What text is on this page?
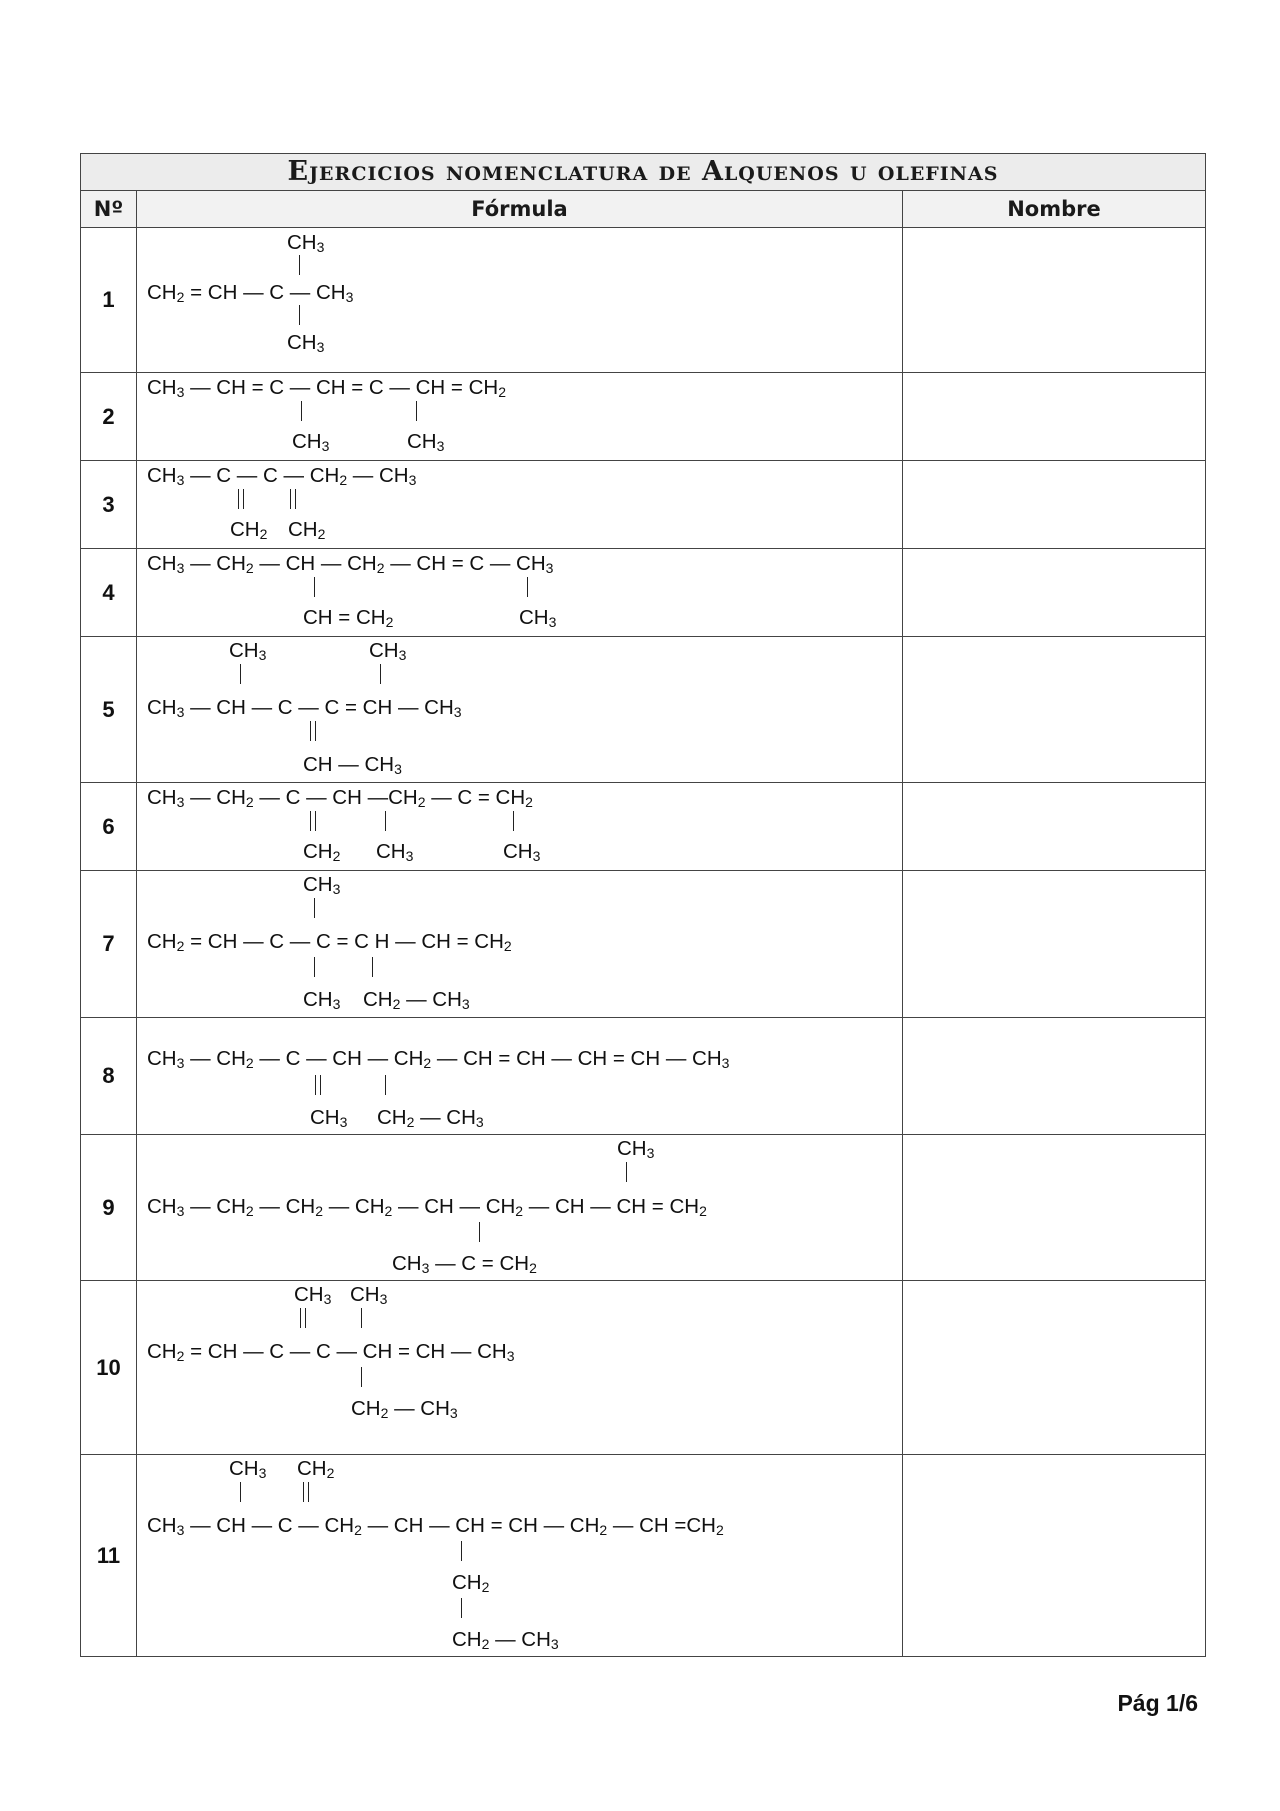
Ejercicios nomenclatura de Alquenos u olefinas		
Nº	Fórmula	Nombre
1	$CH_3$
$CH_2$ = CH — C — $CH_3$
$CH_3$

2	$CH_3$ — CH = C — CH = C — CH = $CH_2$
$CH_3$ $CH_3$

3	$CH_3$ — C — C — $CH_2$ — $CH_3$
$CH_2$ $CH_2$

4	$CH_3$ — $CH_2$ — CH — $CH_2$ — CH = C — $CH_3$
CH = $CH_2$ $CH_3$

5	$CH_3$ $CH_3$
$CH_3$ — CH — C — C = CH — $CH_3$
CH — $CH_3$

6	$CH_3$ — $CH_2$ — C — CH $—CH_2$ — $C = CH_2$
$CH_2$ $CH_3$ $CH_3$

7	$CH_3$
$CH_2$ = CH — C — C = C H — CH = $CH_2$
$CH_3$ $CH_2$ — $CH_3$

8	$CH_3$ — $CH_2$ — C — CH — $CH_2$ — CH = CH — CH = CH — $CH_3$
$CH_3$ $CH_2$ — $CH_3$

9	$CH_3$
$CH_3$ — $CH_2$ — $CH_2$ — $CH_2$ — CH — $CH_2$ — CH — CH = $CH_2$
$CH_3$ — $C = CH_2$

10	$CH_3$ $CH_3$
$CH_2$ = CH — C — C — CH = CH — $CH_3$
$CH_2$ — $CH_3$

11	$CH_3$ $CH_2$
$CH_3$ — CH — C — $CH_2$ — CH — CH = CH — $CH_2$ — CH $=CH_2$
$CH_2$
$CH_2$ — $CH_3$

Pág 1/6
